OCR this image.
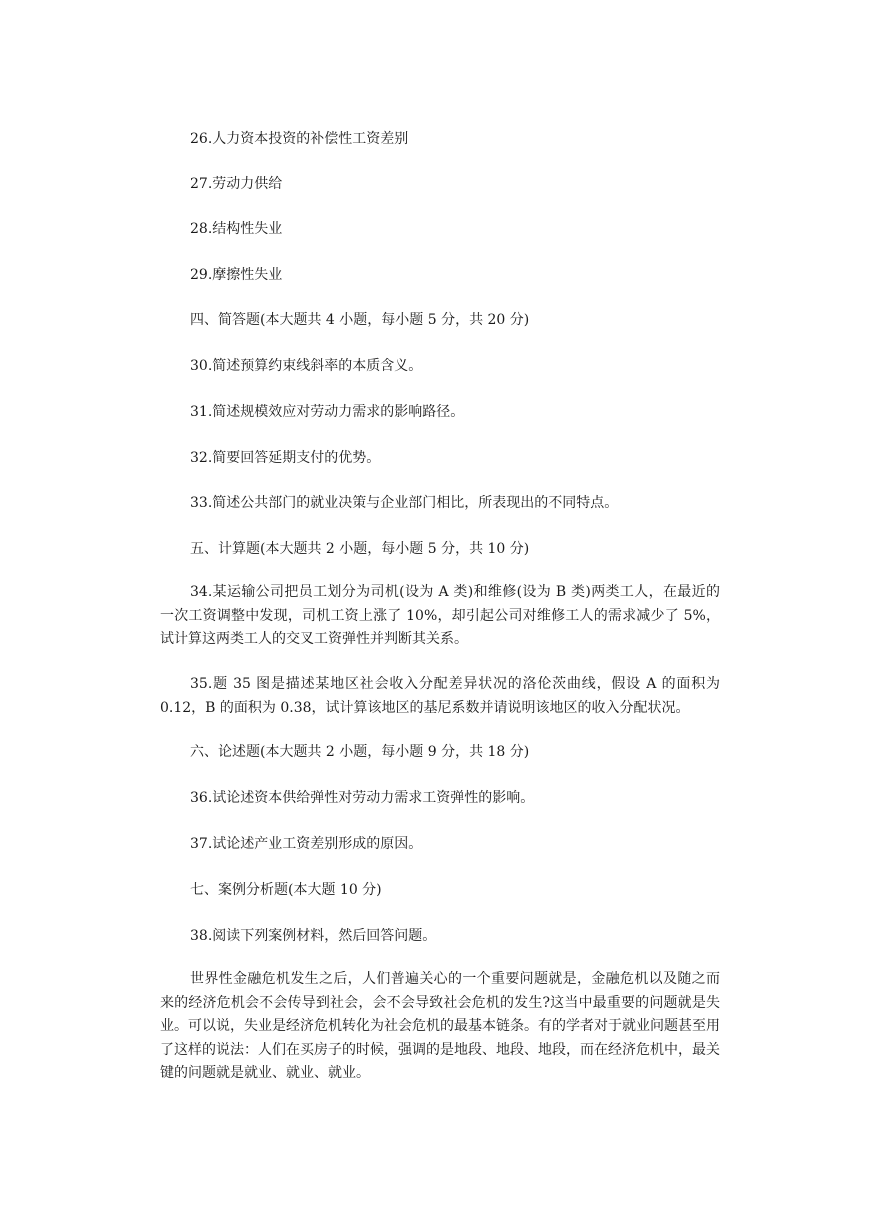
26.人力资本投资的补偿性工资差别
27.劳动力供给
28.结构性失业
29.摩擦性失业
四、简答题(本大题共 4 小题，每小题 5 分，共 20 分)
30.简述预算约束线斜率的本质含义。
31.简述规模效应对劳动力需求的影响路径。
32.简要回答延期支付的优势。
33.简述公共部门的就业决策与企业部门相比，所表现出的不同特点。
五、计算题(本大题共 2 小题，每小题 5 分，共 10 分)
34.某运输公司把员工划分为司机(设为 A 类)和维修(设为 B 类)两类工人，在最近的一次工资调整中发现，司机工资上涨了 10%，却引起公司对维修工人的需求减少了 5%，试计算这两类工人的交叉工资弹性并判断其关系。
35.题 35 图是描述某地区社会收入分配差异状况的洛伦茨曲线，假设 A 的面积为 0.12，B 的面积为 0.38，试计算该地区的基尼系数并请说明该地区的收入分配状况。
六、论述题(本大题共 2 小题，每小题 9 分，共 18 分)
36.试论述资本供给弹性对劳动力需求工资弹性的影响。
37.试论述产业工资差别形成的原因。
七、案例分析题(本大题 10 分)
38.阅读下列案例材料，然后回答问题。
世界性金融危机发生之后，人们普遍关心的一个重要问题就是，金融危机以及随之而来的经济危机会不会传导到社会，会不会导致社会危机的发生?这当中最重要的问题就是失业。可以说，失业是经济危机转化为社会危机的最基本链条。有的学者对于就业问题甚至用了这样的说法：人们在买房子的时候，强调的是地段、地段、地段，而在经济危机中，最关键的问题就是就业、就业、就业。
